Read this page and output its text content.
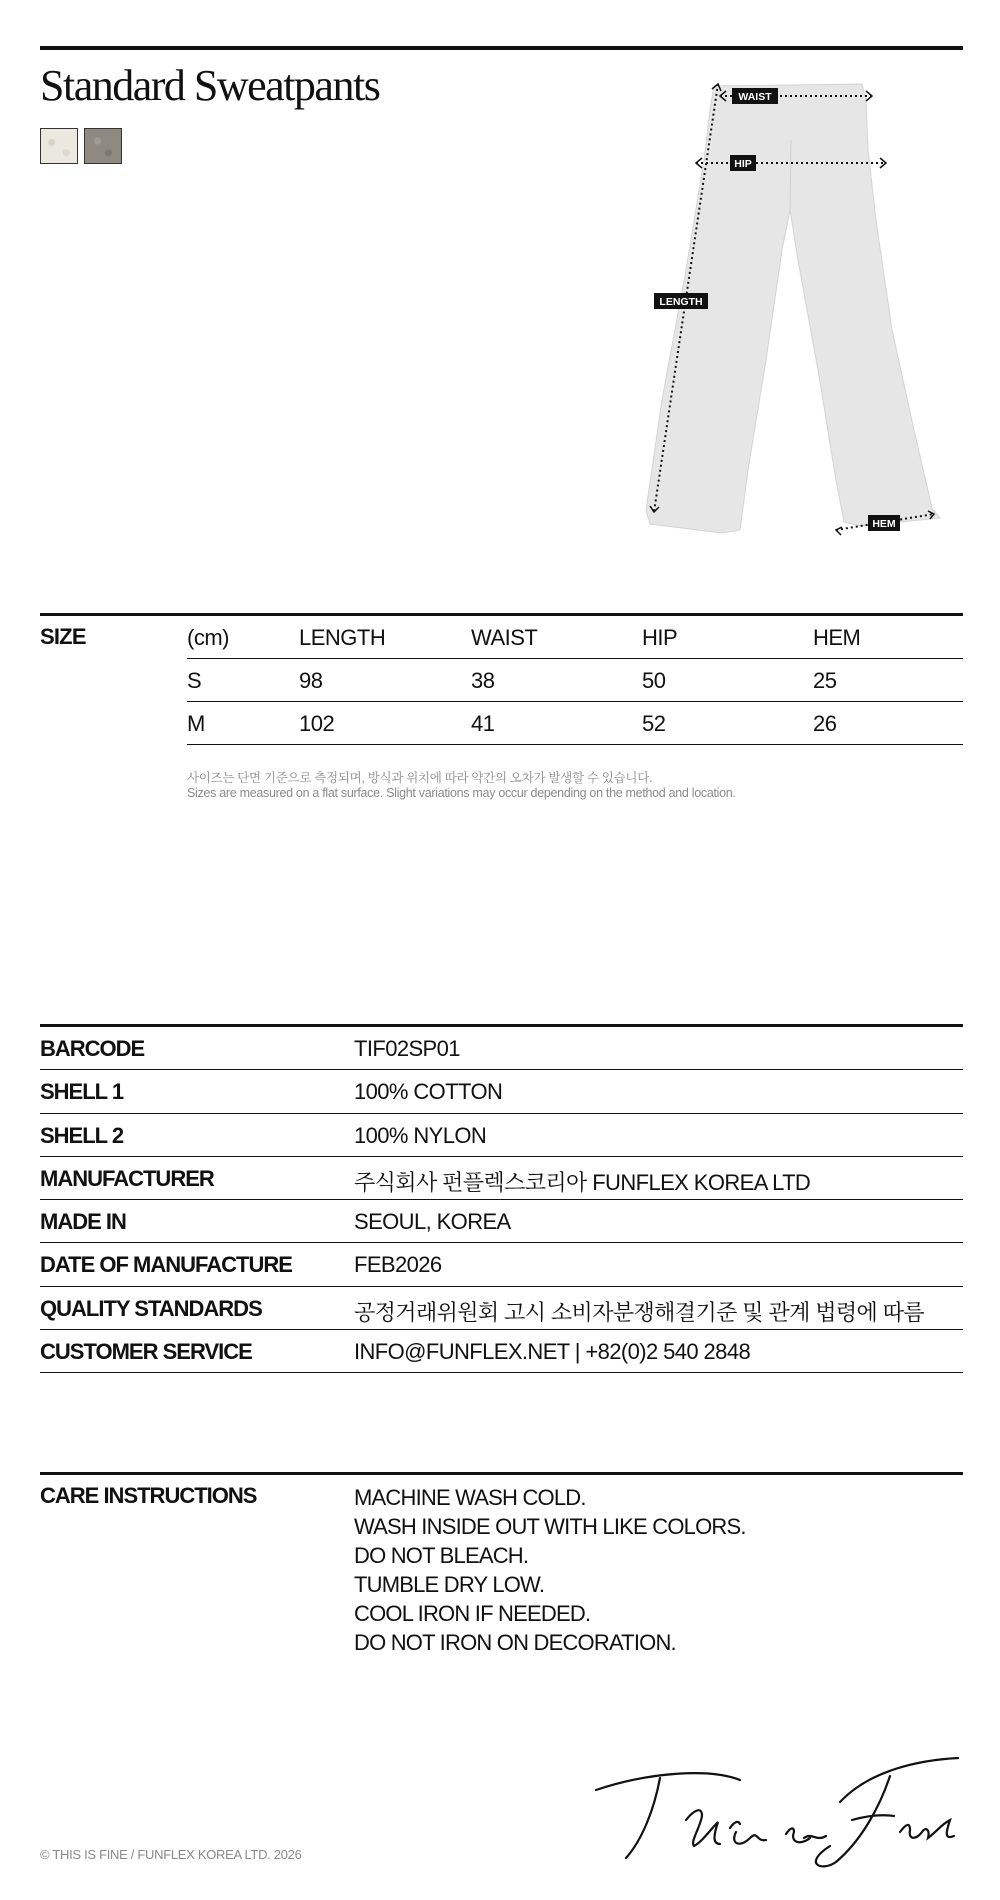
Standard Sweatpants	WAIST
HIP
LENGTH
HEM
SIZE	(cm)	LENGTH	WAIST	HIP	HEM
S	98	38	50	25
M	102	41	52	26
사이즈는 단면 기준으로 측정되며, 방식과 위치에 따라 약간의 오차가 발생할 수 있습니다.
Sizes are measured on a flat surface. Slight variations may occur depending on the method and location.
BARCODE	TIF02SP01
SHELL 1	100% COTTON
SHELL 2	100% NYLON
MANUFACTURER	주식회사 펀플렉스코리아 FUNFLEX KOREA LTD
MADE IN	SEOUL, KOREA
DATE OF MANUFACTURE	FEB2026
QUALITY STANDARDS	공정거래위원회 고시 소비자분쟁해결기준 및 관계 법령에 따름
CUSTOMER SERVICE	INFO@FUNFLEX.NET | +82(0)2 540 2848
CARE INSTRUCTIONS	MACHINE WASH COLD.
WASH INSIDE OUT WITH LIKE COLORS.
DO NOT BLEACH.
TUMBLE DRY LOW.
COOL IRON IF NEEDED.
DO NOT IRON ON DECORATION.
© THIS IS FINE / FUNFLEX KOREA LTD. 2026
